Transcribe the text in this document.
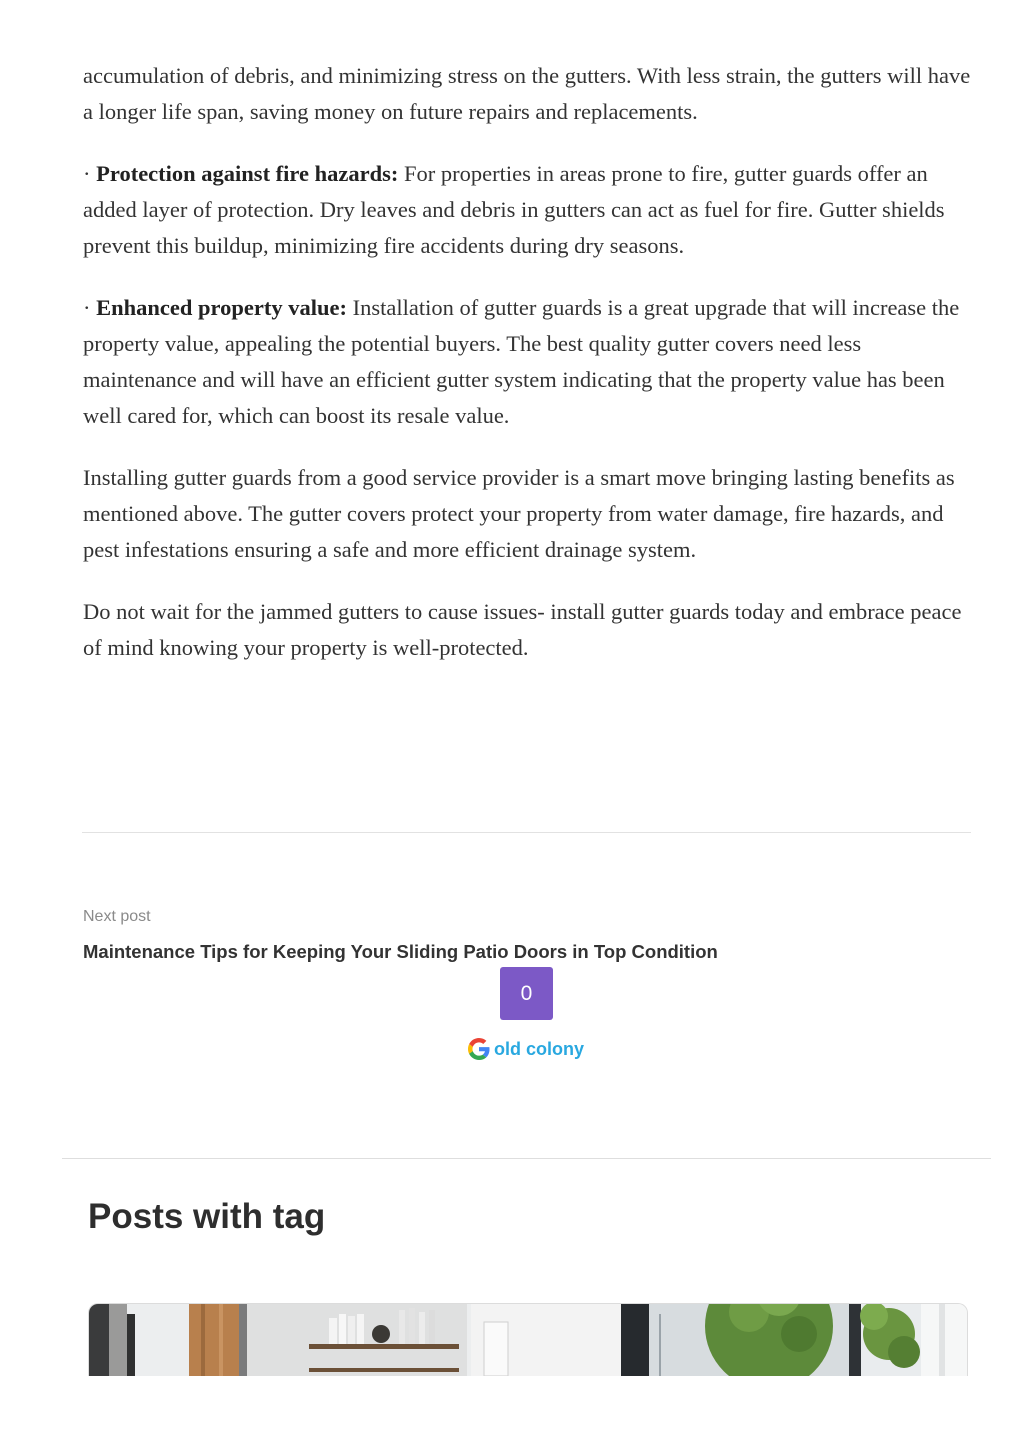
accumulation of debris, and minimizing stress on the gutters. With less strain, the gutters will have a longer life span, saving money on future repairs and replacements.

· Protection against fire hazards: For properties in areas prone to fire, gutter guards offer an added layer of protection. Dry leaves and debris in gutters can act as fuel for fire. Gutter shields prevent this buildup, minimizing fire accidents during dry seasons.

· Enhanced property value: Installation of gutter guards is a great upgrade that will increase the property value, appealing the potential buyers. The best quality gutter covers need less maintenance and will have an efficient gutter system indicating that the property value has been well cared for, which can boost its resale value.

Installing gutter guards from a good service provider is a smart move bringing lasting benefits as mentioned above. The gutter covers protect your property from water damage, fire hazards, and pest infestations ensuring a safe and more efficient drainage system.

Do not wait for the jammed gutters to cause issues- install gutter guards today and embrace peace of mind knowing your property is well-protected.

Next post
Maintenance Tips for Keeping Your Sliding Patio Doors in Top Condition
0
old colony
Posts with tag
